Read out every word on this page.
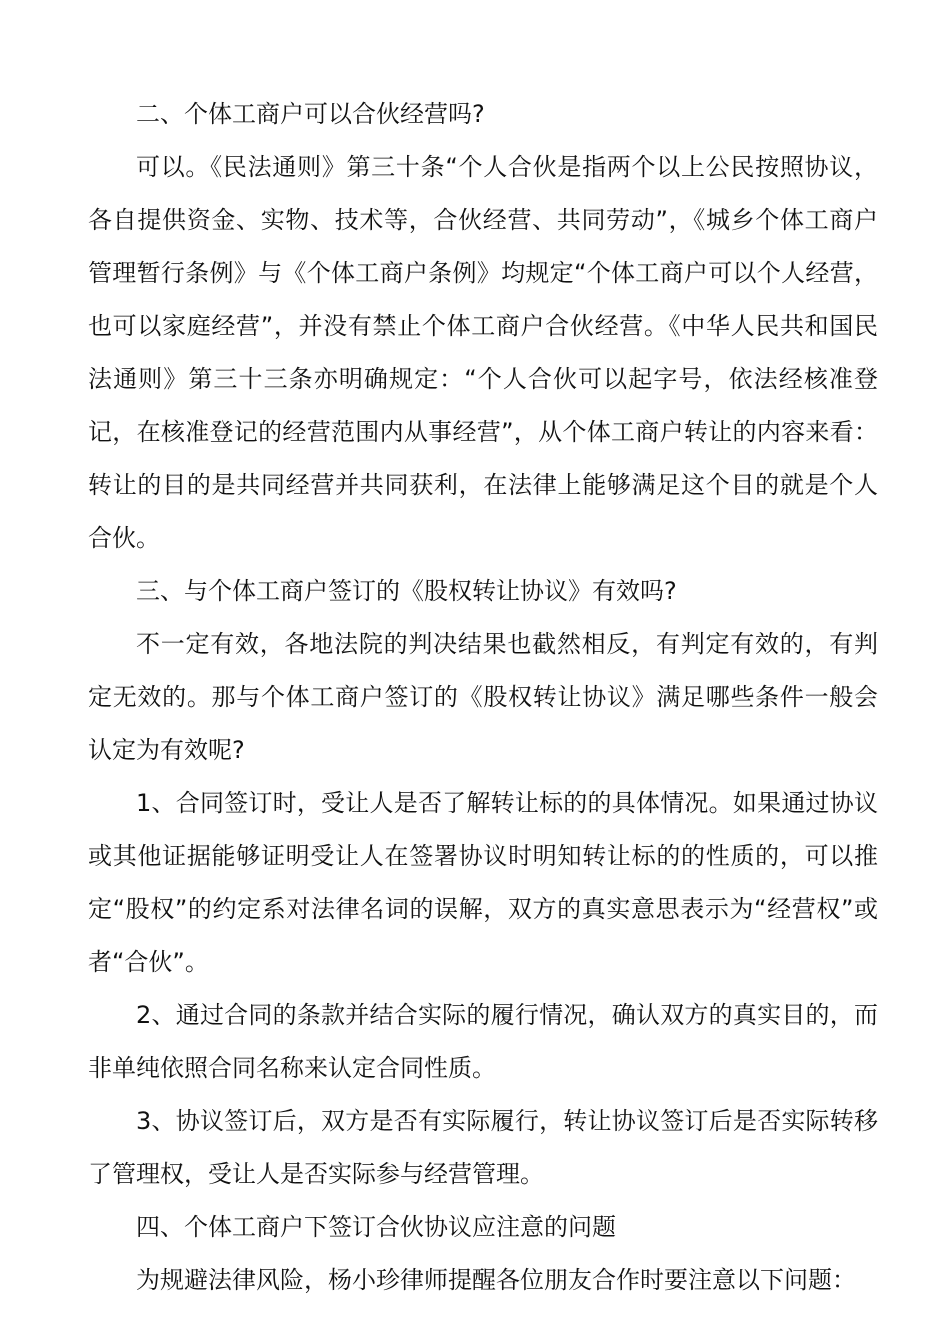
二、个体工商户可以合伙经营吗?

可以。《民法通则》第三十条“个人合伙是指两个以上公民按照协议，各自提供资金、实物、技术等，合伙经营、共同劳动”，《城乡个体工商户管理暂行条例》与《个体工商户条例》均规定“个体工商户可以个人经营，也可以家庭经营”，并没有禁止个体工商户合伙经营。《中华人民共和国民法通则》第三十三条亦明确规定：“个人合伙可以起字号，依法经核准登记，在核准登记的经营范围内从事经营”，从个体工商户转让的内容来看：转让的目的是共同经营并共同获利，在法律上能够满足这个目的就是个人合伙。

三、与个体工商户签订的《股权转让协议》有效吗?

不一定有效，各地法院的判决结果也截然相反，有判定有效的，有判定无效的。那与个体工商户签订的《股权转让协议》满足哪些条件一般会认定为有效呢?

1、合同签订时，受让人是否了解转让标的的具体情况。如果通过协议或其他证据能够证明受让人在签署协议时明知转让标的的性质的，可以推定“股权”的约定系对法律名词的误解，双方的真实意思表示为“经营权”或者“合伙”。

2、通过合同的条款并结合实际的履行情况，确认双方的真实目的，而非单纯依照合同名称来认定合同性质。

3、协议签订后，双方是否有实际履行，转让协议签订后是否实际转移了管理权，受让人是否实际参与经营管理。

四、个体工商户下签订合伙协议应注意的问题

为规避法律风险，杨小珍律师提醒各位朋友合作时要注意以下问题：
